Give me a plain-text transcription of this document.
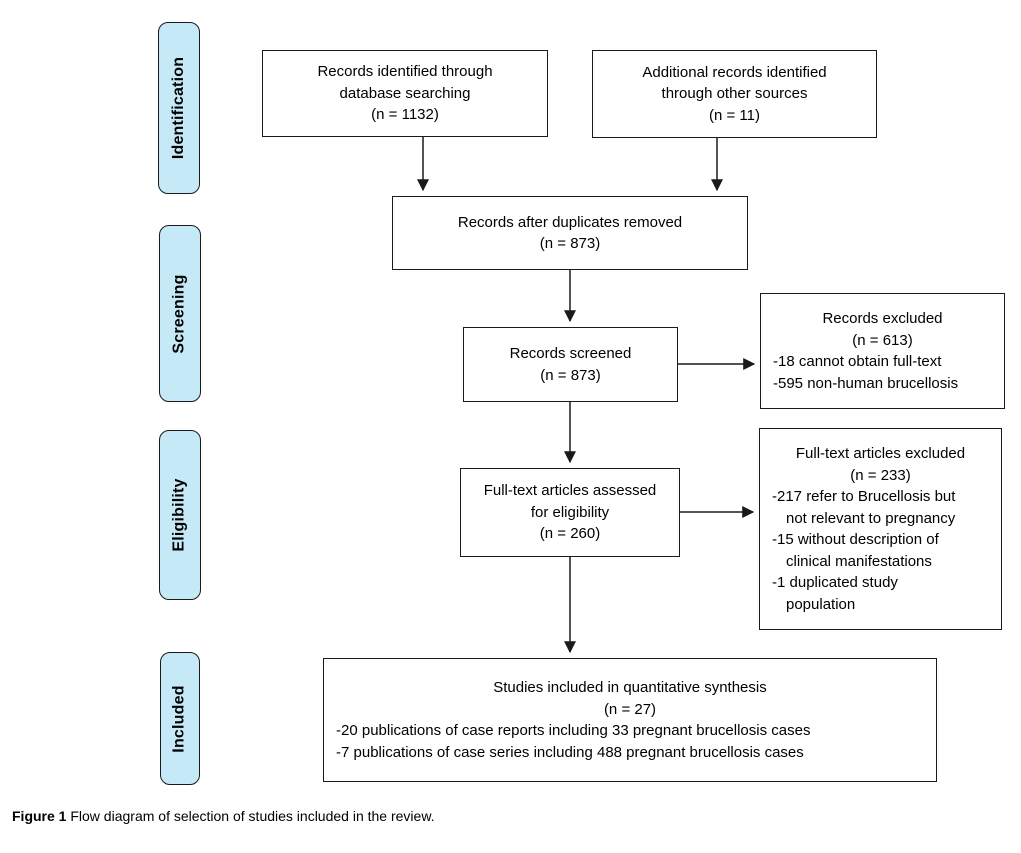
Identification
Screening
Eligibility
Included
Records identified through
database searching
(n = 1132)
Additional records identified
through other sources
(n = 11)
Records after duplicates removed
(n = 873)
Records screened
(n = 873)
Records excluded
(n = 613)
-18 cannot obtain full-text
-595 non-human brucellosis
Full-text articles assessed
for eligibility
(n = 260)
Full-text articles excluded
(n = 233)
-217 refer to Brucellosis but
not relevant to pregnancy
-15 without description of
clinical manifestations
-1 duplicated study
population
Studies included in quantitative synthesis
(n = 27)
-20 publications of case reports including 33 pregnant brucellosis cases
-7 publications of case series including 488 pregnant brucellosis cases
Figure 1 Flow diagram of selection of studies included in the review.
